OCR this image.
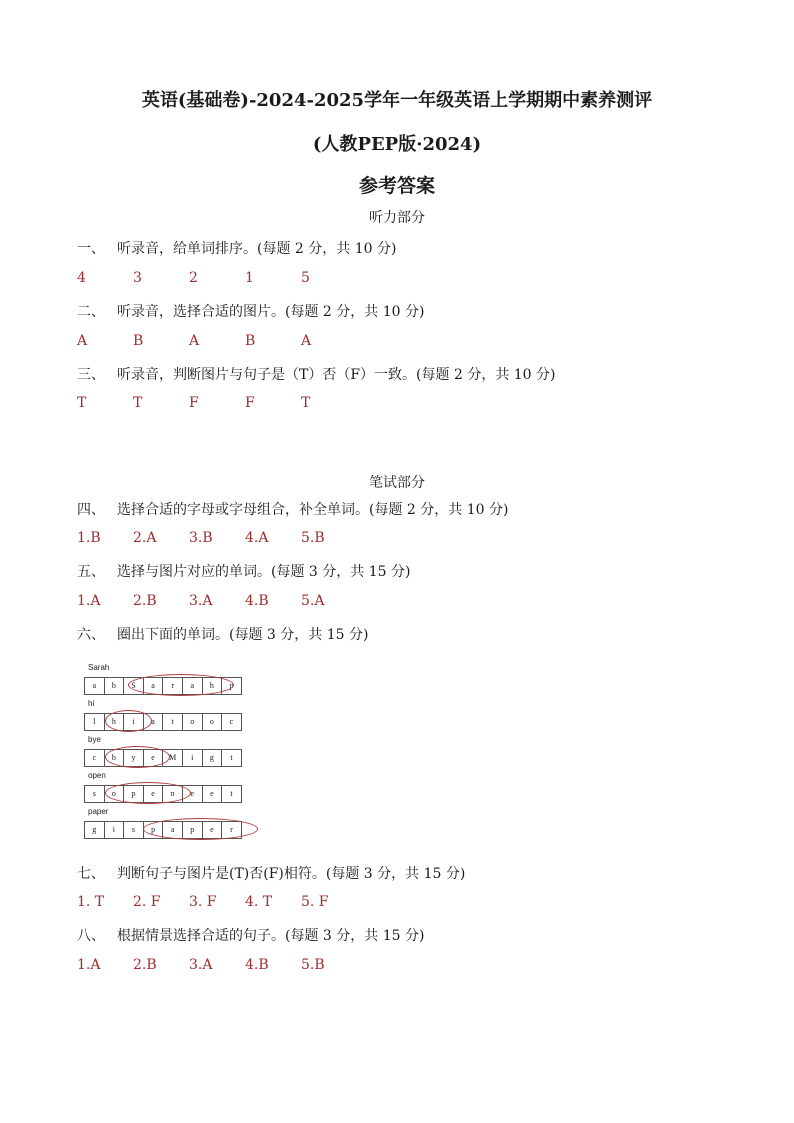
英语(基础卷)-2024-2025学年一年级英语上学期期中素养测评
(人教PEP版·2024)
参考答案
听力部分
一、 听录音，给单词排序。(每题 2 分，共 10 分)
4	3	2	1	5
二、 听录音，选择合适的图片。(每题 2 分，共 10 分)
A	B	A	B	A
三、 听录音，判断图片与句子是（T）否（F）一致。(每题 2 分，共 10 分)
T	T	F	F	T
笔试部分
四、 选择合适的字母或字母组合，补全单词。(每题 2 分，共 10 分)
1.B 2.A 3.B 4.A 5.B
五、 选择与图片对应的单词。(每题 3 分，共 15 分)
1.A 2.B 3.A 4.B 5.A
六、 圈出下面的单词。(每题 3 分，共 15 分)
Sarah
a	b	S	a	r	a	h	p
hi
l	h	i	a	t	o	o	c
bye
c	b	y	e	M	i	g	t
open
s	o	p	e	n	e	e	t
paper
g	i	s	p	a	p	e	r
七、 判断句子与图片是(T)否(F)相符。(每题 3 分，共 15 分)
1. T 2. F 3. F 4. T 5. F
八、 根据情景选择合适的句子。(每题 3 分，共 15 分)
1.A 2.B 3.A 4.B 5.B
